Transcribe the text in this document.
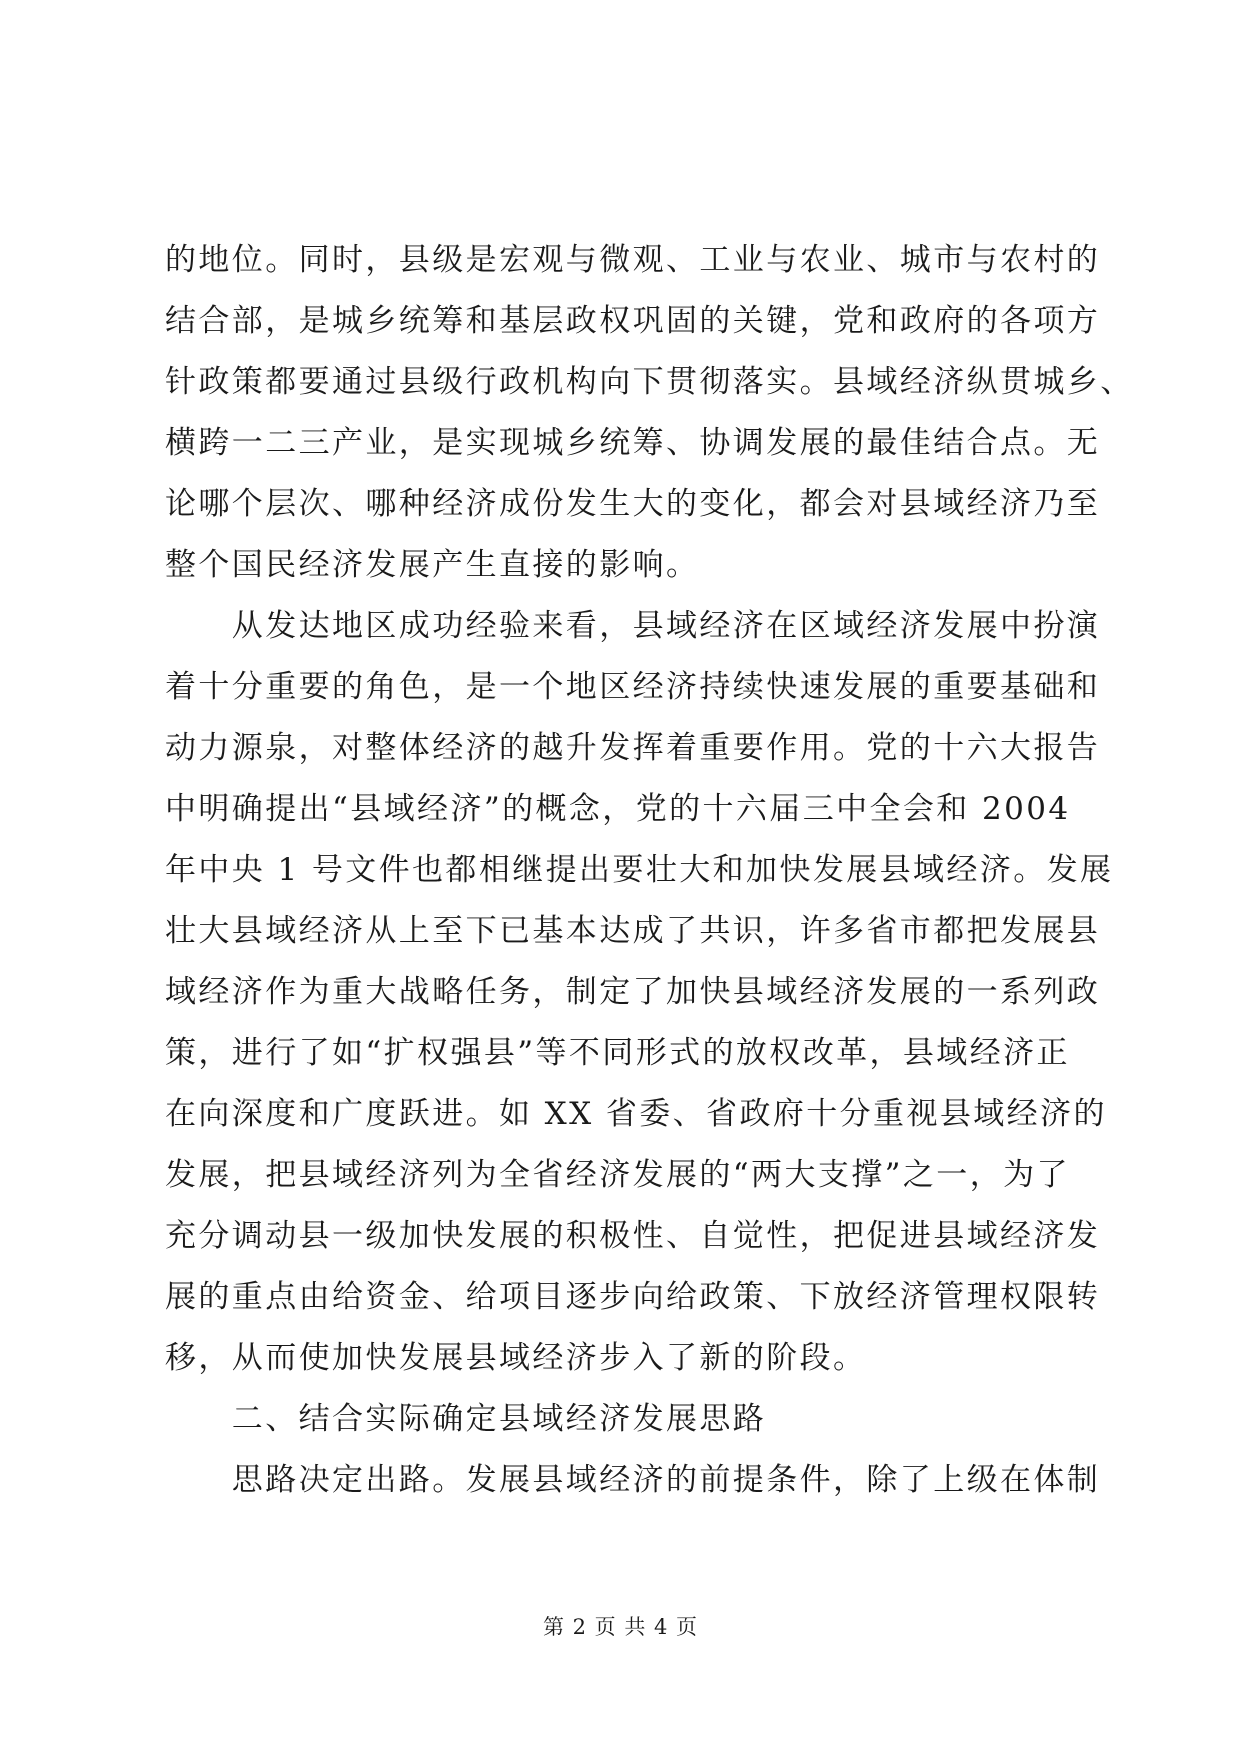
的地位。同时，县级是宏观与微观、工业与农业、城市与农村的
结合部，是城乡统筹和基层政权巩固的关键，党和政府的各项方
针政策都要通过县级行政机构向下贯彻落实。县域经济纵贯城乡、
横跨一二三产业，是实现城乡统筹、协调发展的最佳结合点。无
论哪个层次、哪种经济成份发生大的变化，都会对县域经济乃至
整个国民经济发展产生直接的影响。
　　从发达地区成功经验来看，县域经济在区域经济发展中扮演
着十分重要的角色，是一个地区经济持续快速发展的重要基础和
动力源泉，对整体经济的越升发挥着重要作用。党的十六大报告
中明确提出“县域经济”的概念，党的十六届三中全会和 2004
年中央 1 号文件也都相继提出要壮大和加快发展县域经济。发展
壮大县域经济从上至下已基本达成了共识，许多省市都把发展县
域经济作为重大战略任务，制定了加快县域经济发展的一系列政
策，进行了如“扩权强县”等不同形式的放权改革，县域经济正
在向深度和广度跃进。如 XX 省委、省政府十分重视县域经济的
发展，把县域经济列为全省经济发展的“两大支撑”之一，为了
充分调动县一级加快发展的积极性、自觉性，把促进县域经济发
展的重点由给资金、给项目逐步向给政策、下放经济管理权限转
移，从而使加快发展县域经济步入了新的阶段。
　　二、结合实际确定县域经济发展思路
　　思路决定出路。发展县域经济的前提条件，除了上级在体制
第 2 页 共 4 页
